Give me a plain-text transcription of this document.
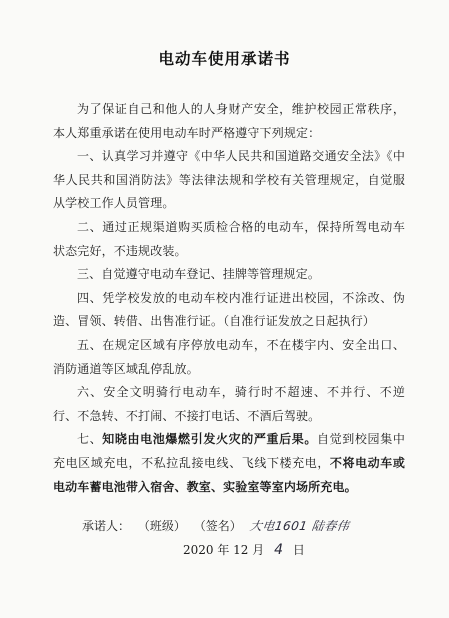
电动车使用承诺书

为了保证自己和他人的人身财产安全，维护校园正常秩序，本人郑重承诺在使用电动车时严格遵守下列规定：

一、认真学习并遵守《中华人民共和国道路交通安全法》《中华人民共和国消防法》等法律法规和学校有关管理规定，自觉服从学校工作人员管理。

二、通过正规渠道购买质检合格的电动车，保持所驾电动车状态完好，不违规改装。

三、自觉遵守电动车登记、挂牌等管理规定。

四、凭学校发放的电动车校内准行证进出校园，不涂改、伪造、冒领、转借、出售准行证。（自准行证发放之日起执行）

五、在规定区域有序停放电动车，不在楼宇内、安全出口、消防通道等区域乱停乱放。

六、安全文明骑行电动车，骑行时不超速、不并行、不逆行、不急转、不打闹、不接打电话、不酒后驾驶。

七、知晓由电池爆燃引发火灾的严重后果。自觉到校园集中充电区域充电，不私拉乱接电线、飞线下楼充电，不将电动车或电动车蓄电池带入宿舍、教室、实验室等室内场所充电。

承诺人： （班级） （签名） 大电1601 陆春伟
2020 年 12 月 4 日
